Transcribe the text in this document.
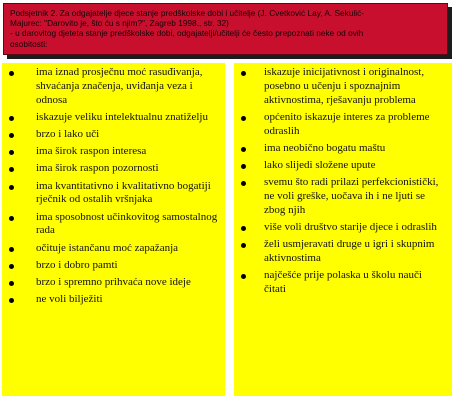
Podsjetnik 2. Za odgajatelje djece stanje predškolske dobi i učitelje (J. Cvetković Lay, A. Sekulić-
Majurec: "Darovito je, što ću s njim?", Zagreb 1998., str. 32)
- u darovitog djeteta stanje predškolske dobi, odgajatelji/učitelji će često prepoznati neke od ovih
osobitosti:
ima iznad prosječnu moć rasuđivanja, shvaćanja značenja, uviđanja veza i odnosa
iskazuje veliku intelektualnu znatiželju
brzo i lako uči
ima širok raspon interesa
ima širok raspon pozornosti
ima kvantitativno i kvalitativno bogatiji rječnik od ostalih vršnjaka
ima sposobnost učinkovitog samostalnog rada
očituje istančanu moć zapažanja
brzo i dobro pamti
brzo i spremno prihvaća nove ideje
ne voli bilježiti
iskazuje inicijativnost i originalnost, posebno u učenju i spoznajnim aktivnostima, rješavanju problema
općenito iskazuje interes za probleme odraslih
ima neobično bogatu maštu
lako slijedi složene upute
svemu što radi prilazi perfekcionistički, ne voli greške, uočava ih i ne ljuti se zbog njih
više voli društvo starije djece i odraslih
želi usmjeravati druge u igri i skupnim aktivnostima
najčešće prije polaska u školu nauči čitati
